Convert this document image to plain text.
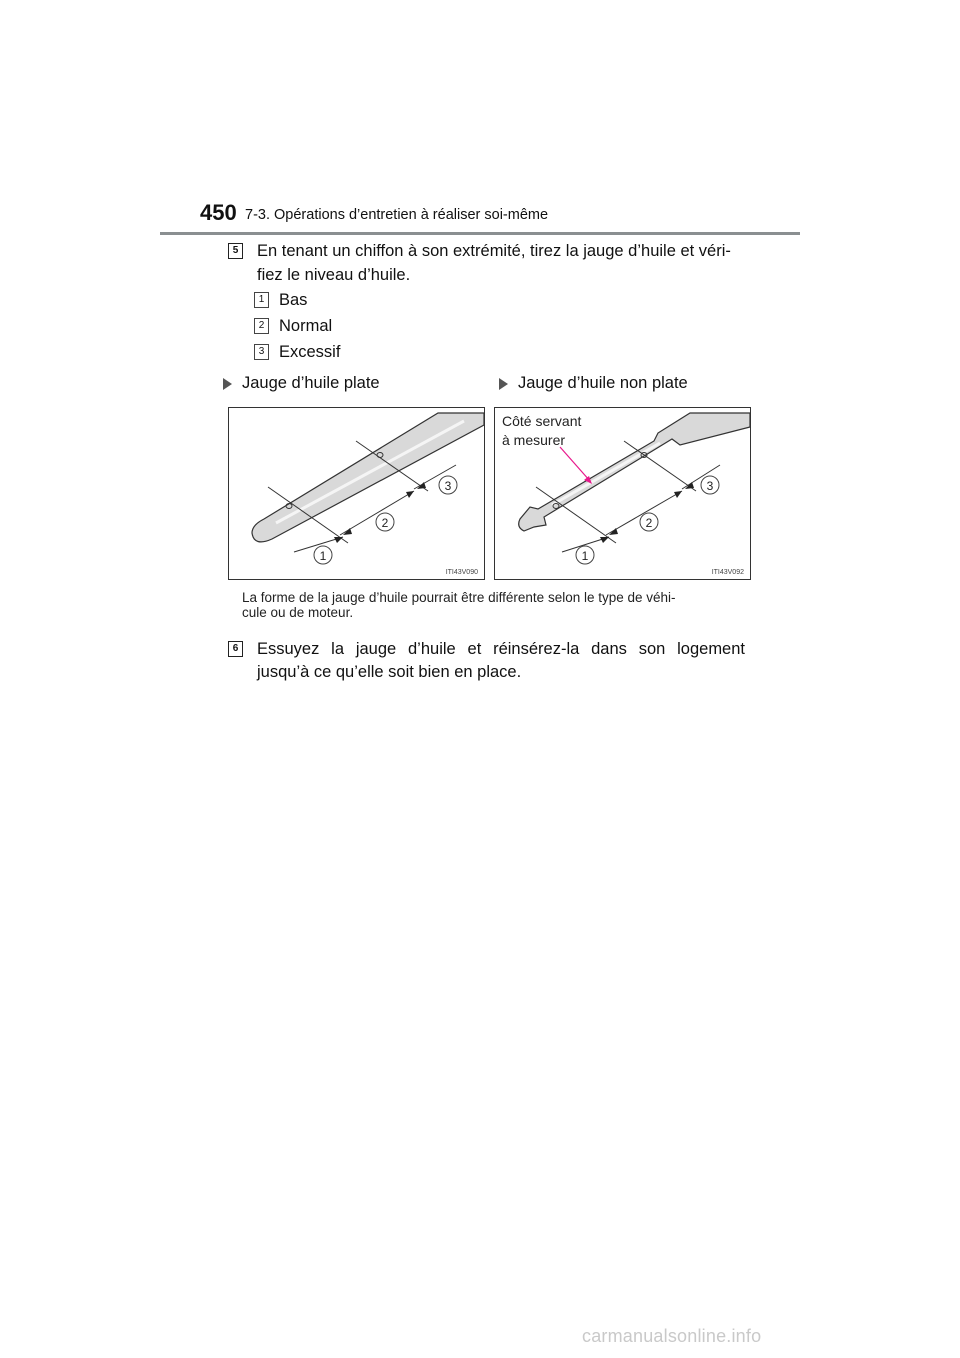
450 7-3. Opérations d’entretien à réaliser soi-même
5 En tenant un chiffon à son extrémité, tirez la jauge d’huile et véri-
fiez le niveau d’huile.
1 Bas
2 Normal
3 Excessif
Jauge d’huile plate	Jauge d’huile non plate
1
2
3
ITI43V090
Côté servant
à mesurer
1
2
3
ITI43V092
La forme de la jauge d’huile pourrait être différente selon le type de véhi-
cule ou de moteur.
6 Essuyez la jauge d’huile et réinsérez-la dans son logement
jusqu’à ce qu’elle soit bien en place.
carmanualsonline.info
